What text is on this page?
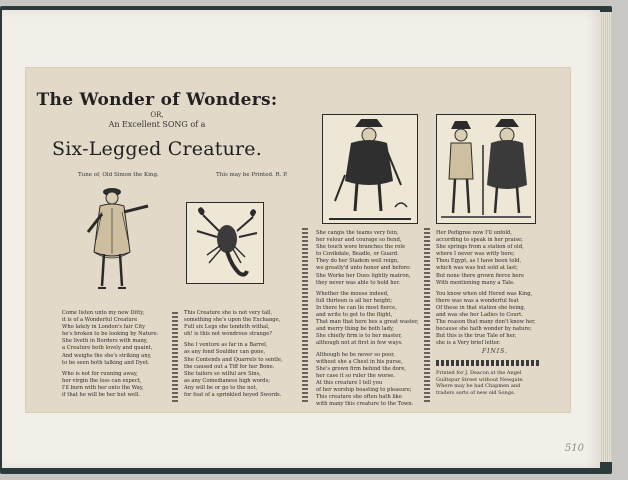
The Wonder of Wonders:
OR,
An Excellent SONG of a
Six-Legged Creature.
Tune of, Old Simon the King.	This may be Printed. R. P.

Come listen unto my new Ditty,

it is of a Wonderful Creature

Who lately in London's fair City

he's broken to be looking by Nature.

She liveth in Borders with many,

a Creature both lovely and quaint,

And weighs the she's striking any,

to be seen both talking and Dyet.

Who is not for running away,

her virgin the loss can expect,

I'll burn with her onto the Way,

if that he will be her but well.

This Creature she is not very tall,

something she's upon the Exchange,

Full six Legs she tendeth withal,

oh! is this not wondrous strange?

She I venture as far in a Barrel,

as any fond Souldier can gone,

She Contends and Quarrels to sentle,

the caused out a Tiff for her Bone.

She tailors so wilful are Sins,

as any Comedianess high words;

Any will be or go to the not,

for feat of a sprinkled heyed Swords.

She cangis the teams very fein,

her velour and courage so fiend,

She touch wore branches the role

to Covikdale, Beadle, or Guard.

They do her Stadem well reign,

we greatly'd unto honor and before:

She Worke her Dues lightly matron,

they never was able to hold her.

Whether the mouse indeed,

full thirteen is all her height;

In there he can lie most fierce,

and write to get to the flight,

That man that here hes a great waster,

and merry thing be both lady,

She chiefly firm is to her master,

although not at first in few ways.

Although he be never so poor,

without she a Chest in his purse,

She's grown firm behind the dore,

her case it so ruler the worse.

At this creature I tell you

of her worship boasting to pleasure;

This creature she often hath like

with many this creature to the Town.

Her Pedigree now I'll unfold,

according to speak in her praise;

She springs from a station of old,

where I never was witty here;

Thou Egypt, as I have been told,

which was was but sold at last;

But none there grown fierce here

With mentioning many a Tale.

You know when old Hered was King,

there was was a wonderful feat

Of these in that station she being,

and was she her Ladies to Court.

The reason that many don't know her,

because she hath wonder by nature;

But this is the true Tale of her,

she is a Very brief letter.

FINIS.
Printed for J. Deacon at the Angel
Guiltspur Street without Newgate.
Where may be had Chapmen and
traders sorts of new old Songs.
510
